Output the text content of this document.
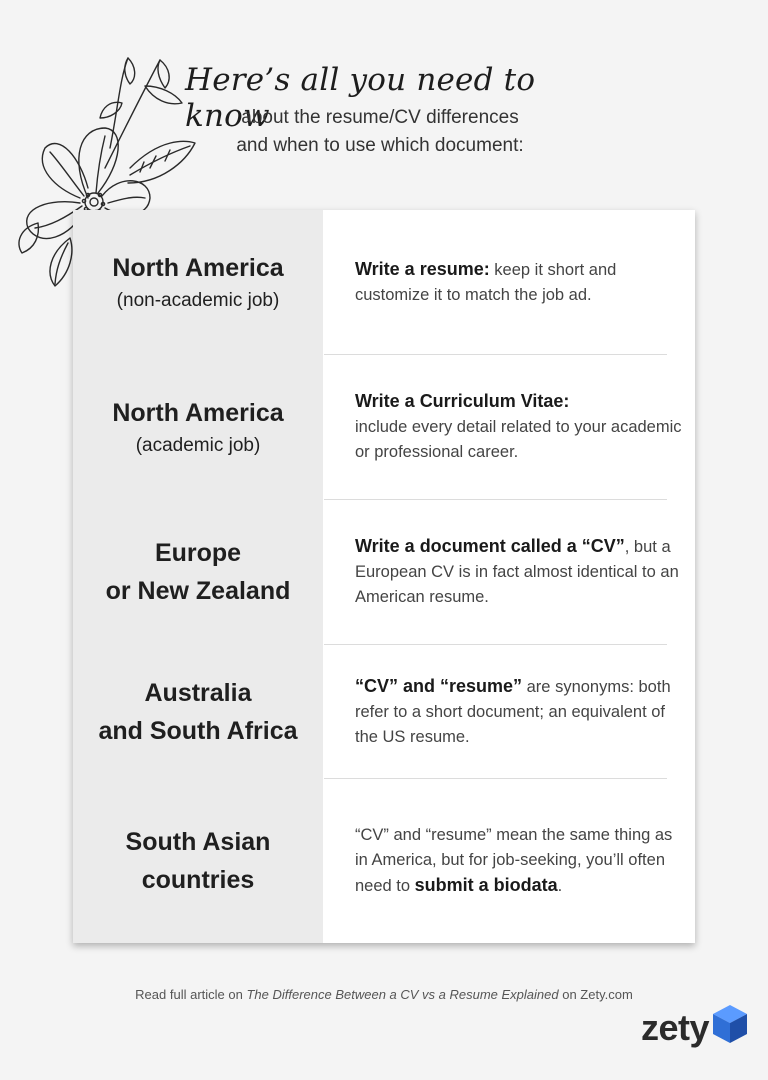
Here’s all you need to know
about the resume/CV differences
and when to use which document:
North America
(non-academic job)
Write a resume: keep it short and customize it to match the job ad.
North America
(academic job)
Write a Curriculum Vitae:
include every detail related to your academic or professional career.
Europe
or New Zealand
Write a document called a “CV”, but a European CV is in fact almost identical to an American resume.
Australia
and South Africa
“CV” and “resume” are synonyms: both refer to a short document; an equivalent of the US resume.
South Asian
countries
“CV” and “resume” mean the same thing as in America, but for job-seeking, you’ll often need to submit a biodata.
Read full article on The Difference Between a CV vs a Resume Explained on Zety.com
zety
